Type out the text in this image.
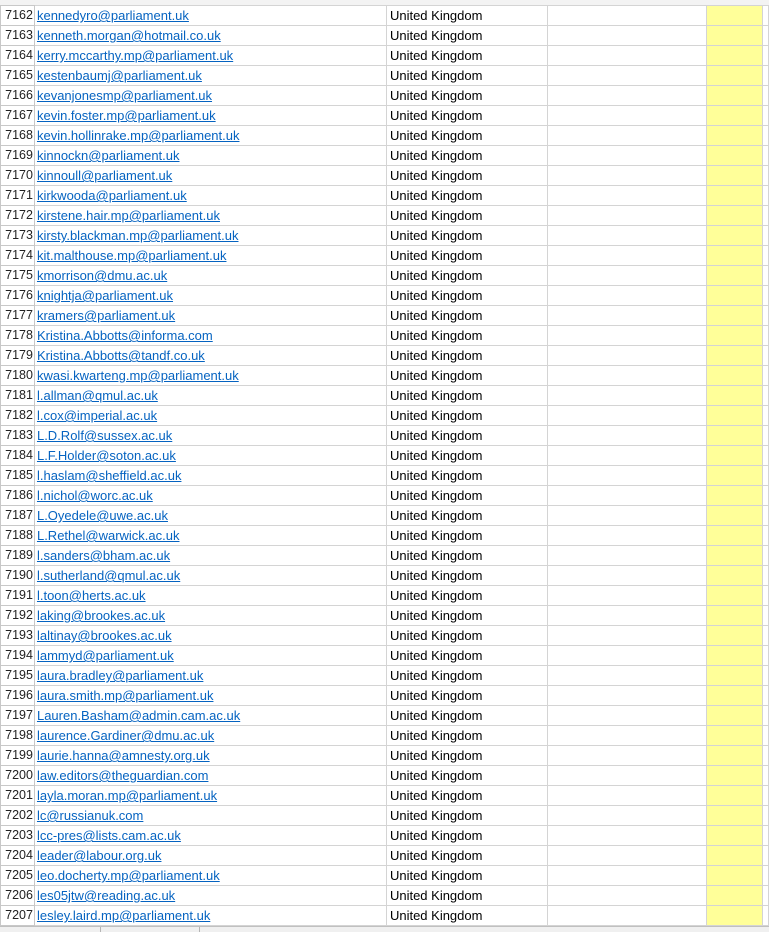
7162	kennedyro@parliament.uk	United Kingdom			
7163	kenneth.morgan@hotmail.co.uk	United Kingdom			
7164	kerry.mccarthy.mp@parliament.uk	United Kingdom			
7165	kestenbaumj@parliament.uk	United Kingdom			
7166	kevanjonesmp@parliament.uk	United Kingdom			
7167	kevin.foster.mp@parliament.uk	United Kingdom			
7168	kevin.hollinrake.mp@parliament.uk	United Kingdom			
7169	kinnockn@parliament.uk	United Kingdom			
7170	kinnoull@parliament.uk	United Kingdom			
7171	kirkwooda@parliament.uk	United Kingdom			
7172	kirstene.hair.mp@parliament.uk	United Kingdom			
7173	kirsty.blackman.mp@parliament.uk	United Kingdom			
7174	kit.malthouse.mp@parliament.uk	United Kingdom			
7175	kmorrison@dmu.ac.uk	United Kingdom			
7176	knightja@parliament.uk	United Kingdom			
7177	kramers@parliament.uk	United Kingdom			
7178	Kristina.Abbotts@informa.com	United Kingdom			
7179	Kristina.Abbotts@tandf.co.uk	United Kingdom			
7180	kwasi.kwarteng.mp@parliament.uk	United Kingdom			
7181	l.allman@qmul.ac.uk	United Kingdom			
7182	l.cox@imperial.ac.uk	United Kingdom			
7183	L.D.Rolf@sussex.ac.uk	United Kingdom			
7184	L.F.Holder@soton.ac.uk	United Kingdom			
7185	l.haslam@sheffield.ac.uk	United Kingdom			
7186	l.nichol@worc.ac.uk	United Kingdom			
7187	L.Oyedele@uwe.ac.uk	United Kingdom			
7188	L.Rethel@warwick.ac.uk	United Kingdom			
7189	l.sanders@bham.ac.uk	United Kingdom			
7190	l.sutherland@qmul.ac.uk	United Kingdom			
7191	l.toon@herts.ac.uk	United Kingdom			
7192	laking@brookes.ac.uk	United Kingdom			
7193	laltinay@brookes.ac.uk	United Kingdom			
7194	lammyd@parliament.uk	United Kingdom			
7195	laura.bradley@parliament.uk	United Kingdom			
7196	laura.smith.mp@parliament.uk	United Kingdom			
7197	Lauren.Basham@admin.cam.ac.uk	United Kingdom			
7198	laurence.Gardiner@dmu.ac.uk	United Kingdom			
7199	laurie.hanna@amnesty.org.uk	United Kingdom			
7200	law.editors@theguardian.com	United Kingdom			
7201	layla.moran.mp@parliament.uk	United Kingdom			
7202	lc@russianuk.com	United Kingdom			
7203	lcc-pres@lists.cam.ac.uk	United Kingdom			
7204	leader@labour.org.uk	United Kingdom			
7205	leo.docherty.mp@parliament.uk	United Kingdom			
7206	les05jtw@reading.ac.uk	United Kingdom			
7207	lesley.laird.mp@parliament.uk	United Kingdom			
